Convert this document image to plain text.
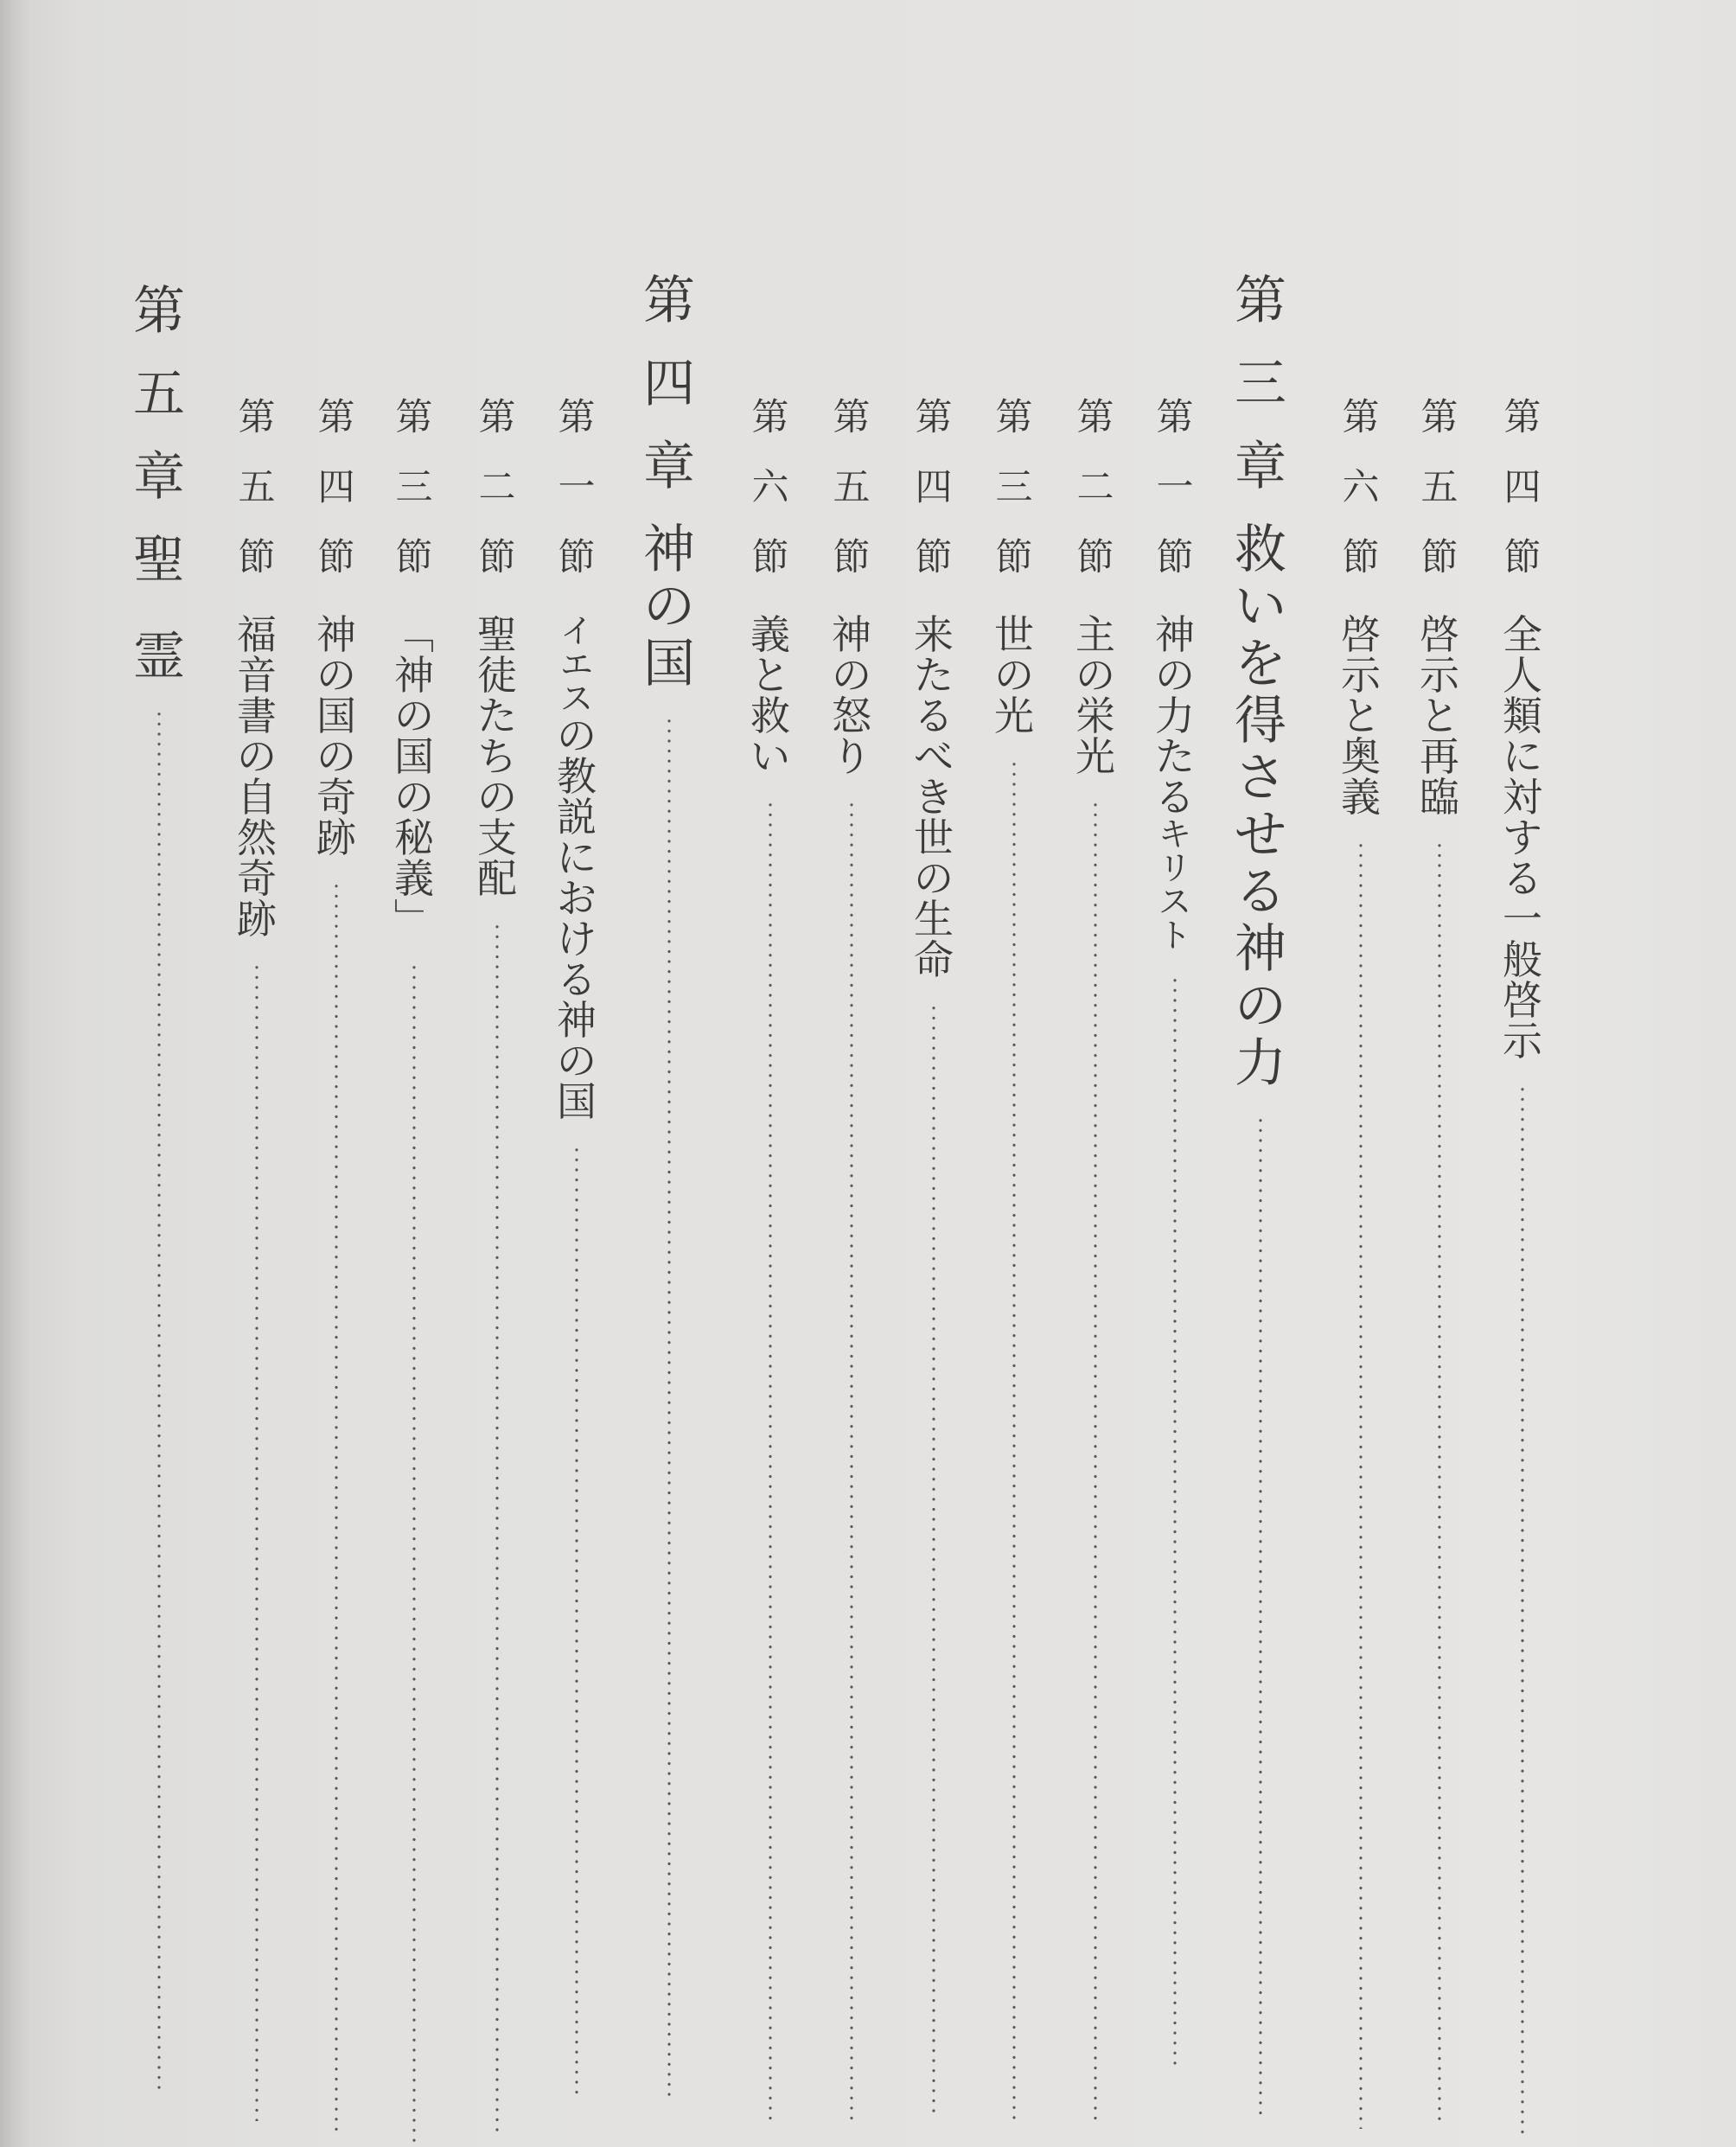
第
四
節
全
人
類
に
対
す
る
一
般
啓
示
第
五
節
啓
示
と
再
臨
第
六
節
啓
示
と
奥
義
第
三
章
救
い
を
得
さ
せ
る
神
の
力
第
一
節
神
の
力
た
る
キ
リ
ス
ト
第
二
節
主
の
栄
光
第
三
節
世
の
光
第
四
節
来
た
る
べ
き
世
の
生
命
第
五
節
神
の
怒
り
第
六
節
義
と
救
い
第
四
章
神
の
国
第
一
節
イ
エ
ス
の
教
説
に
お
け
る
神
の
国
第
二
節
聖
徒
た
ち
の
支
配
第
三
節
﹁
神
の
国
の
秘
義
﹂
第
四
節
神
の
国
の
奇
跡
第
五
節
福
音
書
の
自
然
奇
跡
第
五
章
聖
霊
